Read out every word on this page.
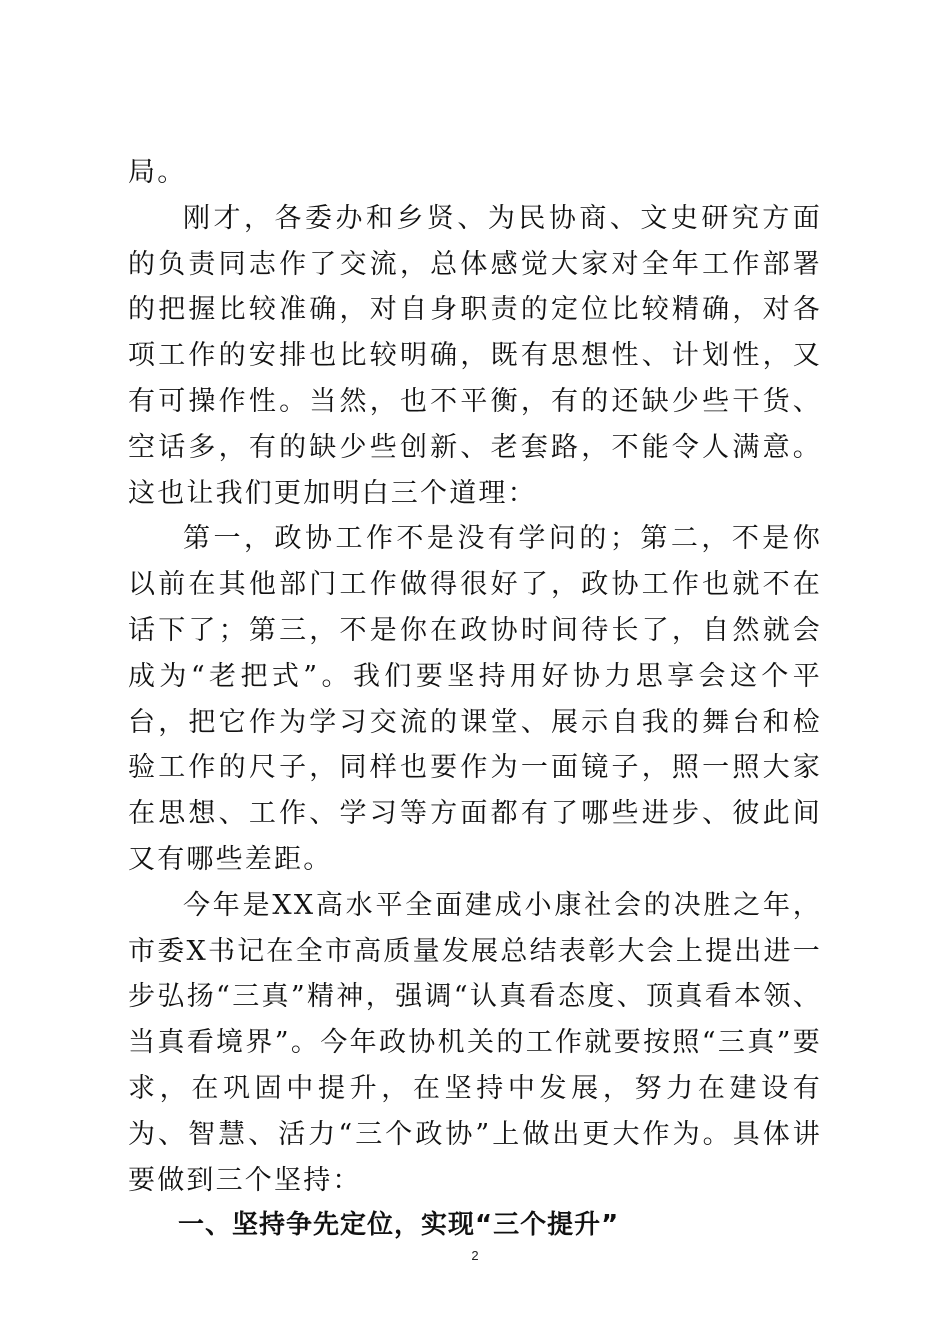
局。

刚才，各委办和乡贤、为民协商、文史研究方面的负责同志作了交流，总体感觉大家对全年工作部署的把握比较准确，对自身职责的定位比较精确，对各项工作的安排也比较明确，既有思想性、计划性，又有可操作性。当然，也不平衡，有的还缺少些干货、空话多，有的缺少些创新、老套路，不能令人满意。这也让我们更加明白三个道理：

第一，政协工作不是没有学问的；第二，不是你以前在其他部门工作做得很好了，政协工作也就不在话下了；第三，不是你在政协时间待长了，自然就会成为“老把式”。我们要坚持用好协力思享会这个平台，把它作为学习交流的课堂、展示自我的舞台和检验工作的尺子，同样也要作为一面镜子，照一照大家在思想、工作、学习等方面都有了哪些进步、彼此间又有哪些差距。

今年是XX高水平全面建成小康社会的决胜之年，市委X书记在全市高质量发展总结表彰大会上提出进一步弘扬“三真”精神，强调“认真看态度、顶真看本领、当真看境界”。今年政协机关的工作就要按照“三真”要求，在巩固中提升，在坚持中发展，努力在建设有为、智慧、活力“三个政协”上做出更大作为。具体讲要做到三个坚持：

一、坚持争先定位，实现“三个提升”
2
